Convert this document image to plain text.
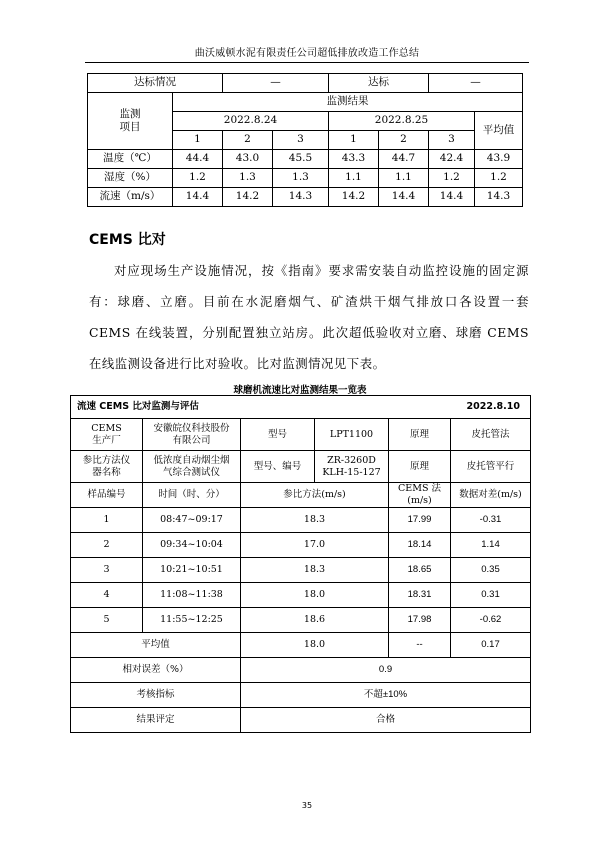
曲沃威顿水泥有限责任公司超低排放改造工作总结
达标情况		—		达标		—	
监测
项目	监测结果						
	2022.8.24			2022.8.25			平均值
	1	2	3	1	2	3	
温度（℃）	44.4	43.0	45.5	43.3	44.7	42.4	43.9
湿度（%）	1.2	1.3	1.3	1.1	1.1	1.2	1.2
流速（m/s）	14.4	14.2	14.3	14.2	14.4	14.4	14.3
CEMS 比对

对应现场生产设施情况，按《指南》要求需安装自动监控设施的固定源有：球磨、立磨。目前在水泥磨烟气、矿渣烘干烟气排放口各设置一套 CEMS 在线装置，分别配置独立站房。此次超低验收对立磨、球磨 CEMS 在线监测设备进行比对验收。比对监测情况见下表。

球磨机流速比对监测结果一览表
流速 CEMS 比对监测与评估				2022.8.10	
CEMS
生产厂	安徽皖仪科技股份
有限公司	型号	LPT1100	原理	皮托管法
参比方法仪
器名称	低浓度自动烟尘烟
气综合测试仪	型号、编号	ZR-3260D
KLH-15-127	原理	皮托管平行
样品编号	时间（时、分）	参比方法(m/s)		CEMS 法(m/s)	数据对差(m/s)
1	08:47~09:17	18.3		17.99	-0.31
2	09:34~10:04	17.0		18.14	1.14
3	10:21~10:51	18.3		18.65	0.35
4	11:08~11:38	18.0		18.31	0.31
5	11:55~12:25	18.6		17.98	-0.62
平均值		18.0		--	0.17
相对误差（%）		0.9			
考核指标		不超±10%			
结果评定		合格			
35
